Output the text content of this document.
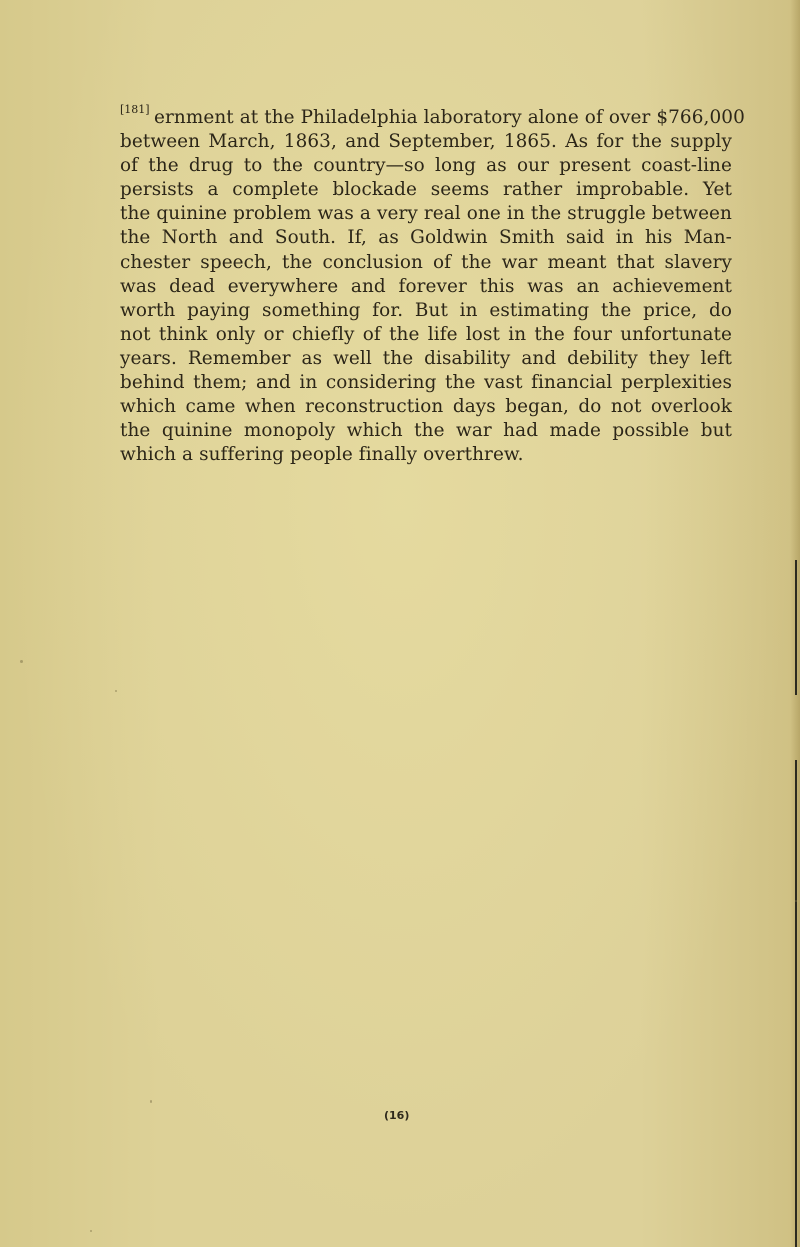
[181] ernment at the Philadelphia laboratory alone of over $766,000
between March, 1863, and September, 1865. As for the supply
of the drug to the country—so long as our present coast-line
persists a complete blockade seems rather improbable. Yet
the quinine problem was a very real one in the struggle between
the North and South. If, as Goldwin Smith said in his Man-
chester speech, the conclusion of the war meant that slavery
was dead everywhere and forever this was an achievement
worth paying something for. But in estimating the price, do
not think only or chiefly of the life lost in the four unfortunate
years. Remember as well the disability and debility they left
behind them; and in considering the vast financial perplexities
which came when reconstruction days began, do not overlook
the quinine monopoly which the war had made possible but
which a suffering people finally overthrew.
(16)
